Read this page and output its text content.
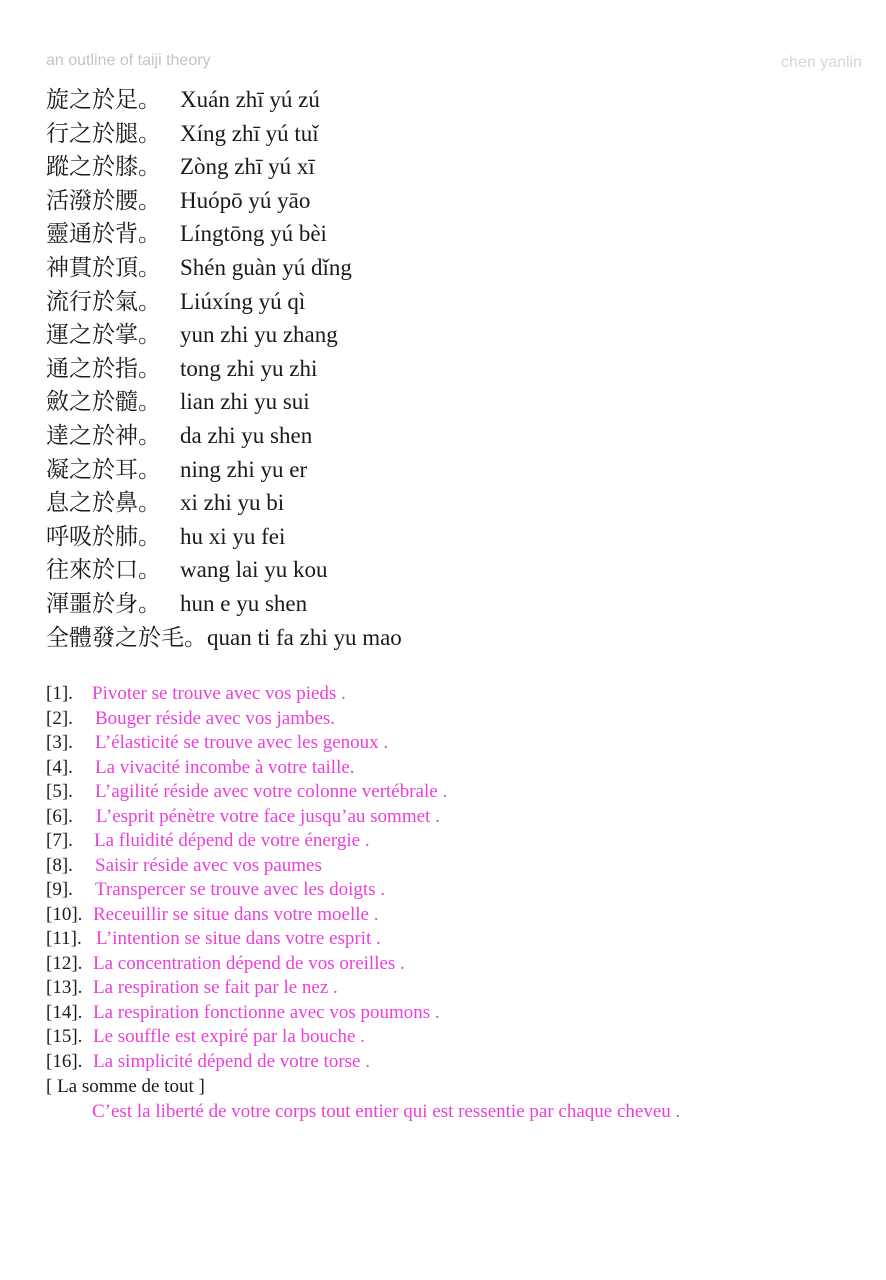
an outline of taiji theory	chen yanlin
旋之於足。 Xuán zhī yú zú
行之於腿。 Xíng zhī yú tuǐ
蹤之於膝。 Zòng zhī yú xī
活潑於腰。 Huópō yú yāo
靈通於背。 Língtōng yú bèi
神貫於頂。 Shén guàn yú dǐng
流行於氣。 Liúxíng yú qì
運之於掌。 yun zhi yu zhang
通之於指。 tong zhi yu zhi
斂之於髓。 lian zhi yu sui
達之於神。 da zhi yu shen
凝之於耳。 ning zhi yu er
息之於鼻。 xi zhi yu bi
呼吸於肺。 hu xi yu fei
往來於口。 wang lai yu kou
渾噩於身。 hun e yu shen
全體發之於毛。quan ti fa zhi yu mao
[1]. Pivoter se trouve avec vos pieds .
[2]. Bouger réside avec vos jambes.
[3]. L’élasticité se trouve avec les genoux .
[4]. La vivacité incombe à votre taille.
[5]. L’agilité réside avec votre colonne vertébrale .
[6]. L’esprit pénètre votre face jusqu’au sommet .
[7]. La fluidité dépend de votre énergie .
[8]. Saisir réside avec vos paumes
[9]. Transpercer se trouve avec les doigts .
[10]. Receuillir se situe dans votre moelle .
[11]. L’intention se situe dans votre esprit .
[12]. La concentration dépend de vos oreilles .
[13]. La respiration se fait par le nez .
[14]. La respiration fonctionne avec vos poumons .
[15]. Le souffle est expiré par la bouche .
[16]. La simplicité dépend de votre torse .
[ La somme de tout ]
C’est la liberté de votre corps tout entier qui est ressentie par chaque cheveu .
